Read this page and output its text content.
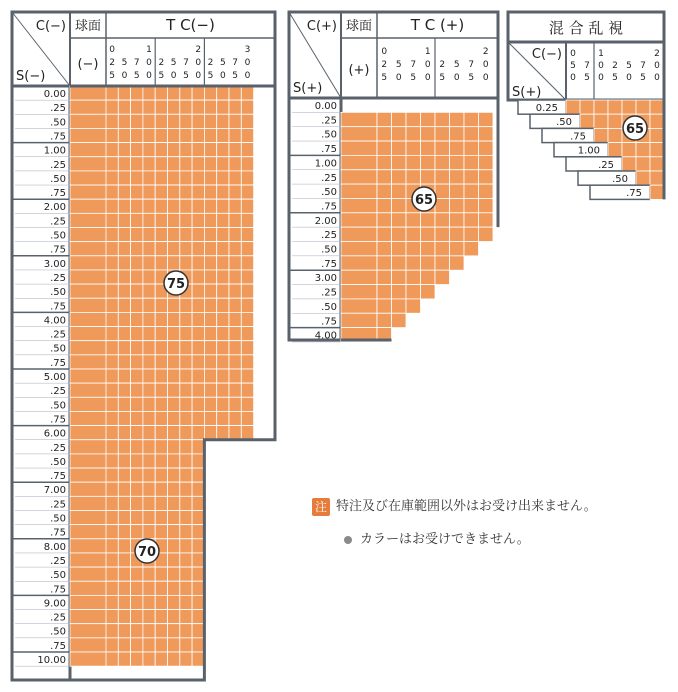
C(−)
S(−)
球面
(−)
T C(−)
0
2
5
5
0
7
5
1
0
0
2
5
5
0
7
5
2
0
0
2
5
5
0
7
5
3
0
0
0.00
.25
.50
.75
1.00
.25
.50
.75
2.00
.25
.50
.75
3.00
.25
.50
.75
4.00
.25
.50
.75
5.00
.25
.50
.75
6.00
.25
.50
.75
7.00
.25
.50
.75
8.00
.25
.50
.75
9.00
.25
.50
.75
10.00
75
70
C(+)
S(+)
球面
(+)
T C (+)
0
2
5
5
0
7
5
1
0
0
2
5
5
0
7
5
2
0
0
0.00
.25
.50
.75
1.00
.25
.50
.75
2.00
.25
.50
.75
3.00
.25
.50
.75
4.00
65
混 合 乱 視
C(−)
S(+)
0
5
0
7
5
1
0
0
2
5
5
0
7
5
2
0
0
0.25
.50
.75
1.00
.25
.50
.75
65
注 特注及び在庫範囲以外はお受け出来ません。
カラーはお受けできません。
